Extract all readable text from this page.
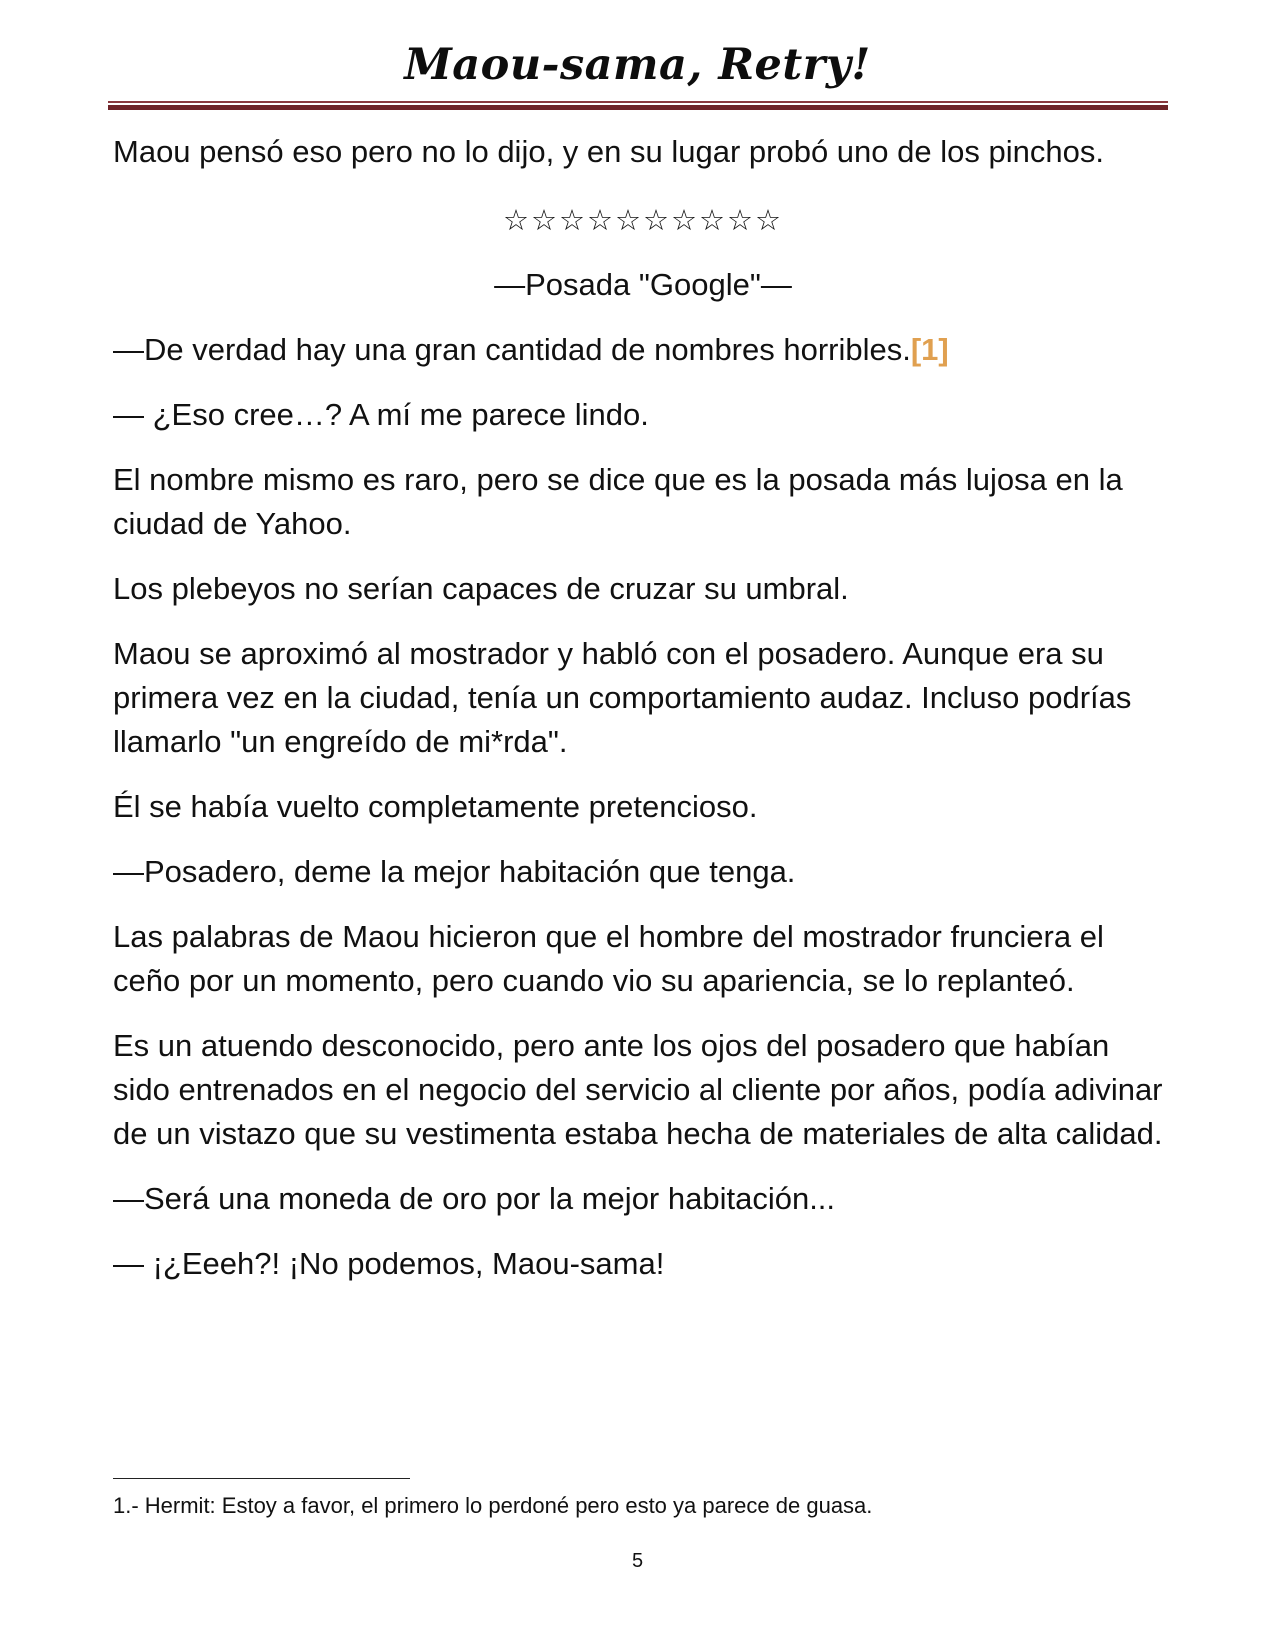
Maou-sama, Retry!

Maou pensó eso pero no lo dijo, y en su lugar probó uno de los pinchos.

☆☆☆☆☆☆☆☆☆☆

—Posada "Google"—

—De verdad hay una gran cantidad de nombres horribles.[1]

— ¿Eso cree…? A mí me parece lindo.

El nombre mismo es raro, pero se dice que es la posada más lujosa en la ciudad de Yahoo.

Los plebeyos no serían capaces de cruzar su umbral.

Maou se aproximó al mostrador y habló con el posadero. Aunque era su primera vez en la ciudad, tenía un comportamiento audaz. Incluso podrías llamarlo "un engreído de mi*rda".

Él se había vuelto completamente pretencioso.

—Posadero, deme la mejor habitación que tenga.

Las palabras de Maou hicieron que el hombre del mostrador frunciera el ceño por un momento, pero cuando vio su apariencia, se lo replanteó.

Es un atuendo desconocido, pero ante los ojos del posadero que habían sido entrenados en el negocio del servicio al cliente por años, podía adivinar de un vistazo que su vestimenta estaba hecha de materiales de alta calidad.

—Será una moneda de oro por la mejor habitación...

— ¡¿Eeeh?! ¡No podemos, Maou-sama!

1.- Hermit: Estoy a favor, el primero lo perdoné pero esto ya parece de guasa.
5
